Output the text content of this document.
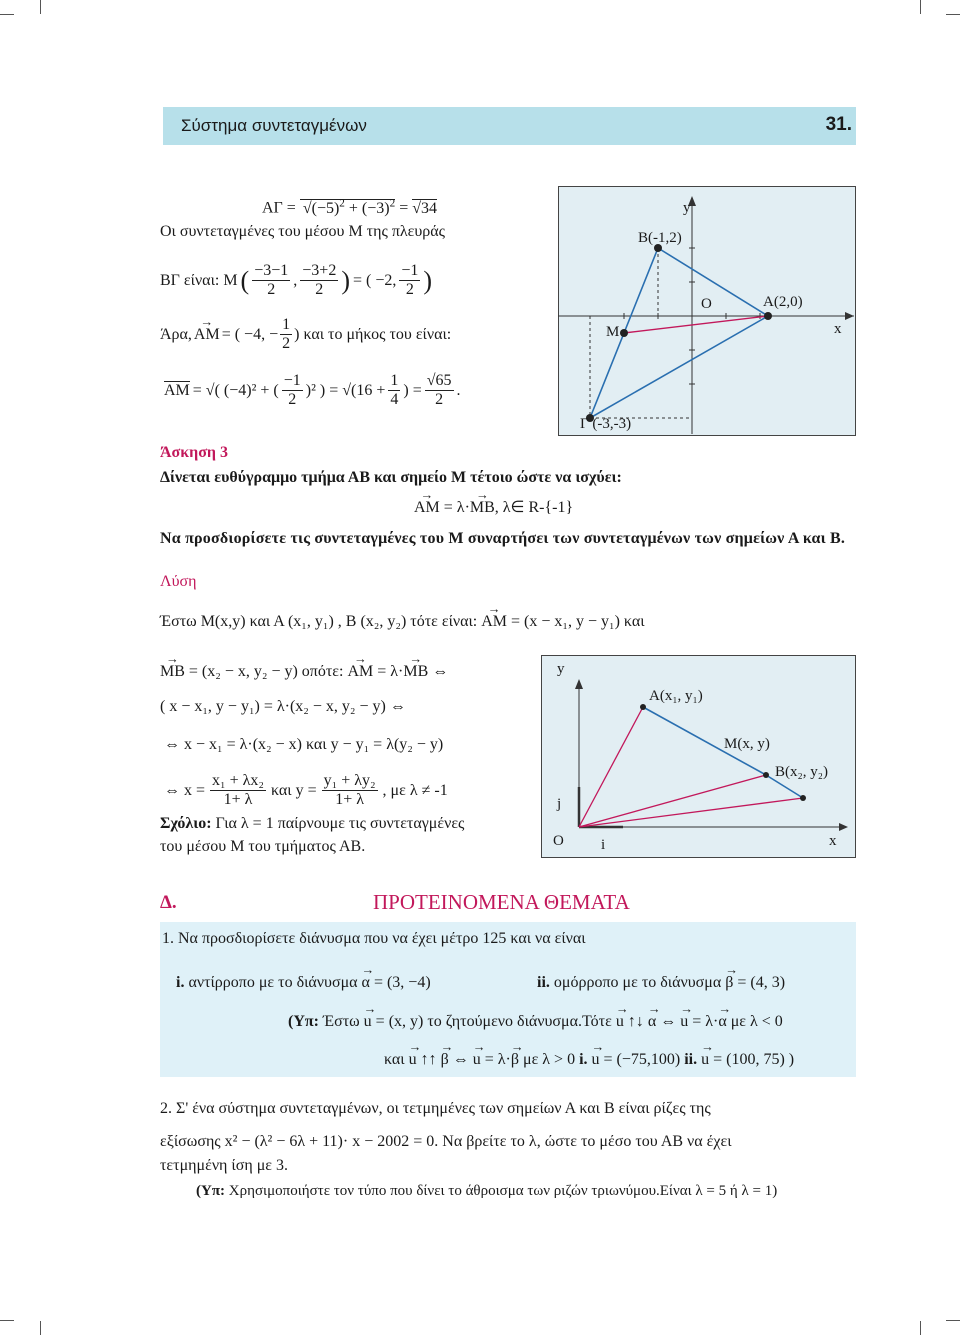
Σύστημα συντεταγμένων	31.
$A\Gamma = √(-5)^2 + (-3)^2 = √34$
Οι συντεταγμένες του μέσου Μ της πλευράς
ΒΓ είναι: Μ ( $\frac{-3-1}{2}$ , $\frac{-3+2}{2}$ ) = ( −2, $\frac{-1}{2}$ )
Άρα, → ΑΜ = ( −4, − $\frac{1}{2}$ ) και το μήκος του είναι:
ΑΜ = √( (−4)² + ( $\frac{-1}{2} )^2$ ) = $√(16 + \frac{1}{4}$ ) = $\frac{√65}{2}$ .
y
x
O
Β(-1,2)
Α(2,0)
Μ
Γ (-3,-3)
Άσκηση 3
Δίνεται ευθύγραμμο τμήμα ΑΒ και σημείο Μ τέτοιο ώστε να ισχύει:
→ ΑΜ = λ·→ ΜΒ, λ∈ R-{-1}
Να προσδιορίσετε τις συντεταγμένες του Μ συναρτήσει των συντεταγμένων των σημείων Α και Β.
Λύση
Έστω Μ(x,y) και Α (x₁, y₁) , Β (x₂, y₂) τότε είναι: → ΑΜ = (x − x₁, y − y₁) και
→ ΜΒ = (x₂ − x, y₂ − y) οπότε: → ΑΜ = λ·→ ΜΒ ⇔
( x − x₁, y − y₁) = λ·(x₂ − x, y₂ − y) ⇔
⇔ x − x₁ = λ·(x₂ − x) και y − y₁ = λ(y₂ − y)
⇔ $x = \frac{\text{x₁ + λx₂}}{1+ \lambda}$ και $y = \frac{\text{y₁ + λy₂}}{1+ \lambda}$ , με λ ≠ -1
Σχόλιο: Για λ = 1 παίρνουμε τις συντεταγμένες
του μέσου Μ του τμήματος ΑΒ.
y
x
O i
j
Α(x₁, y₁)
Μ(x, y)
Β(x₂, y₂)
Δ.	ΠΡΟΤΕΙΝΟΜΕΝΑ ΘΕΜΑΤΑ
1. Να προσδιορίσετε διάνυσμα που να έχει μέτρο 125 και να είναι
i. αντίρροπο με το διάνυσμα → α = (3, −4)	ii. ομόρροπο με το διάνυσμα → β = (4, 3)
(Υπ: Έστω → u = (x, y) το ζητούμενο διάνυσμα.Τότε → u ↑↓ → α ⇔ → u = λ·→ α με λ < 0
και → u ↑↑ → β ⇔ → u = λ·→ β με λ > 0 i. → u = (−75,100) ii. → u = (100, 75) )
2. Σ' ένα σύστημα συντεταγμένων, οι τετμημένες των σημείων Α και Β είναι ρίζες της
εξίσωσης x² − (λ² − 6λ + 11)· x − 2002 = 0. Να βρείτε το λ, ώστε το μέσο του ΑΒ να έχει
τετμημένη ίση με 3.
(Υπ: Χρησιμοποιήστε τον τύπο που δίνει το άθροισμα των ριζών τριωνύμου.Είναι λ = 5 ή λ = 1)
